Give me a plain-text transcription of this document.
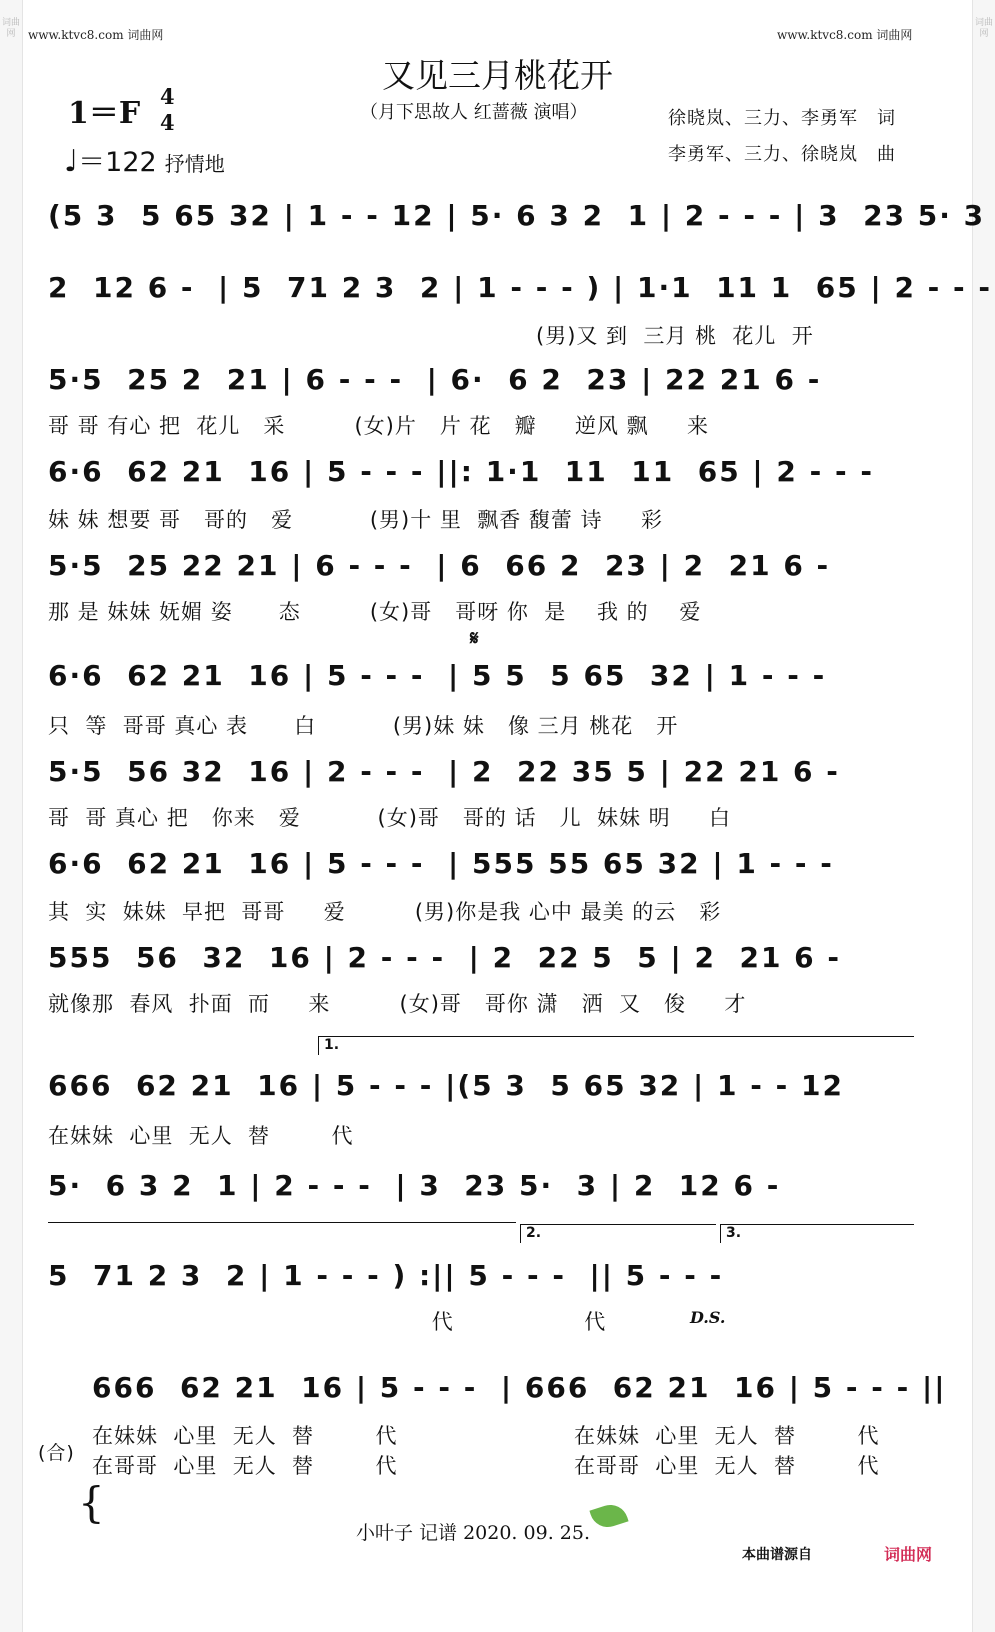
词曲网
词曲网
www.ktvc8.com 词曲网	www.ktvc8.com 词曲网
又见三月桃花开
（月下思故人 红蔷薇 演唱）	徐晓岚、三力、李勇军　词
李勇军、三力、徐晓岚　曲
1＝F 4
4
♩＝122 抒情地
(5 3  5 65 32 | 1 - - 12 | 5· 6 3 2  1 | 2 - - - | 3  23 5· 3
2  12 6 -  | 5  71 2 3  2 | 1 - - - ) | 1·1  11 1  65 | 2 - - -
(男)又 到  三月 桃  花儿  开
5·5  25 2  21 | 6 - - -  | 6·  6 2  23 | 22 21 6 -
哥 哥 有心 把  花儿   采         (女)片   片 花   瓣     逆风 飘     来
6·6  62 21  16 | 5 - - - ||: 1·1  11  11  65 | 2 - - -
妹 妹 想要 哥   哥的   爱          (男)十 里  飘香 馥蕾 诗     彩
5·5  25 22 21 | 6 - - -  | 6  66 2  23 | 2  21 6 -
那 是 妹妹 妩媚 姿      态         (女)哥   哥呀 你  是    我 的    爱
𝄋
6·6  62 21  16 | 5 - - -  | 5 5  5 65  32 | 1 - - -
只  等  哥哥 真心 表      白          (男)妹 妹   像 三月 桃花   开
5·5  56 32  16 | 2 - - -  | 2  22 35 5 | 22 21 6 -
哥  哥 真心 把   你来   爱          (女)哥   哥的 话   儿  妹妹 明     白
6·6  62 21  16 | 5 - - -  | 555 55 65 32 | 1 - - -
其  实  妹妹  早把  哥哥     爱         (男)你是我 心中 最美 的云   彩
555  56  32  16 | 2 - - -  | 2  22 5  5 | 2  21 6 -
就像那  春风  扑面  而     来         (女)哥   哥你 潇   洒  又   俊     才
1.
666  62 21  16 | 5 - - - |(5 3  5 65 32 | 1 - - 12
在妹妹  心里  无人  替        代
5·  6 3 2  1 | 2 - - -  | 3  23 5·  3 | 2  12 6 -
2.	3.
5  71 2 3  2 | 1 - - - ) :|| 5 - - -  || 5 - - -
代                 代	D.S.
666  62 21  16 | 5 - - -  | 666  62 21  16 | 5 - - - ||
(合)
{
在妹妹  心里  无人  替        代                       在妹妹  心里  无人  替        代
在哥哥  心里  无人  替        代                       在哥哥  心里  无人  替        代
小叶子 记谱 2020. 09. 25.
本曲谱源自	词曲网
